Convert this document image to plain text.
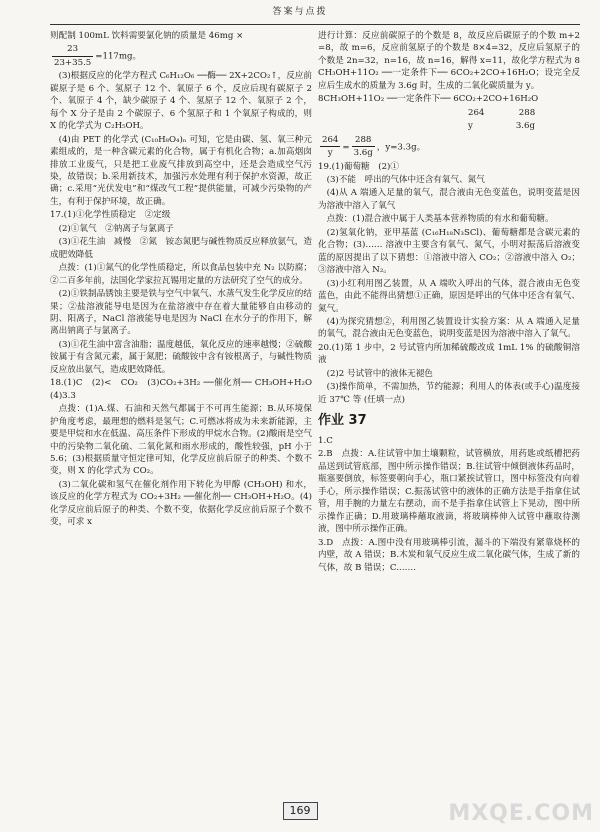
答案与点拨

则配制 100mL 饮料需要氯化钠的质量是 46mg ×

$\frac{23}{23+35.5} =117mg$。

(3)根据反应的化学方程式 C₆H₁₂O₆ ──酶── 2X+2CO₂↑，反应前碳原子是 6 个、氢原子 12 个、氧原子 6 个，反应后现有碳原子 2 个、氧原子 4 个，缺少碳原子 4 个、氢原子 12 个、氧原子 2 个，每个 X 分子是由 2 个碳原子、6 个氢原子和 1 个氧原子构成的，则 X 的化学式为 C₂H₅OH。

(4)由 PET 的化学式 (C₁₀H₈O₄)ₙ 可知，它是由碳、氢、氧三种元素组成的，是一种含碳元素的化合物，属于有机化合物；a.加高烟囱排放工业废气，只是把工业废气排放到高空中，还是会造成空气污染，故错误；b.采用新技术，加强污水处理有利于保护水资源，故正确；c.采用“光伏发电”和“煤改气工程”提供能量，可减少污染物的产生，有利于保护环境，故正确。

17.(1)①化学性质稳定　②定级

(2)①氧气　②钠离子与氯离子

(3)①花生油　减慢　②氮　铵态氮肥与碱性物质反应释放氨气，造成肥效降低

点拨：(1)①氮气的化学性质稳定，所以食品包装中充 N₂ 以防腐；②二百多年前，法国化学家拉瓦锡用定量的方法研究了空气的成分。

(2)①铁制品锈蚀主要是铁与空气中氧气、水蒸气发生化学反应的结果；②盐溶液能导电是因为在盐溶液中存在着大量能够自由移动的阴、阳离子，NaCl 溶液能导电是因为 NaCl 在水分子的作用下，解离出钠离子与氯离子。

(3)①花生油中富含油脂；温度越低，氧化反应的速率越慢；②硫酸铵属于有含氮元素，属于氮肥；硫酸铵中含有铵根离子，与碱性物质反应放出氨气，造成肥效降低。

18.(1)C　(2)<　CO₂　(3)CO₂+3H₂ ──催化剂── CH₃OH+H₂O　(4)3.3

点拨：(1)A.煤、石油和天然气都属于不可再生能源；B.从环境保护角度考虑，最理想的燃料是氢气；C.可燃冰将成为未来新能源，主要是甲烷和水在低温、高压条件下形成的甲烷水合物。(2)酸雨是空气中的污染物二氧化硫、二氧化氮和雨水形成的，酸性较强，pH 小于 5.6；(3)根据质量守恒定律可知，化学反应前后原子的种类、个数不变，则 X 的化学式为 CO₂。

(3)二氧化碳和氢气在催化剂作用下转化为甲醇 (CH₃OH) 和水，该反应的化学方程式为 CO₂+3H₂ ──催化剂── CH₃OH+H₂O。(4)化学反应前后原子的种类、个数不变，依据化学反应前后原子个数不变，可求 x

进行计算：反应前碳原子的个数是 8，故反应后碳原子的个数 m+2=8，故 m=6，反应前氢原子的个数是 8×4=32，反应后氢原子的个数是 2n=32，n=16，故 n=16，解得 x=11，故化学方程式为 8CH₃OH+11O₂ ──一定条件下── 6CO₂+2CO+16H₂O；设完全反应后生成水的质量为 3.6g 时，生成的二氧化碳质量为 y。

8CH₃OH+11O₂ ──一定条件下── 6CO₂+2CO+16H₂O

264　　　　288

y　　　　　3.6g

$\frac{264}{y} = \frac{288}{3.6g}$ ，y=3.3g。

19.(1)葡萄糖　(2)①

(3)不能　呼出的气体中还含有氧气、氮气

(4)从 A 端通入足量的氧气，混合液由无色变蓝色，说明变蓝是因为溶液中溶入了氧气

点拨：(1)混合液中属于人类基本营养物质的有水和葡萄糖。

(2)氢氧化钠，亚甲基蓝 (C₁₆H₁₈N₃SCl)、葡萄糖都是含碳元素的化合物；(3)…… 溶液中主要含有氧气、氮气，小明对振荡后溶液变蓝的原因提出了以下猜想：①溶液中溶入 CO₂；②溶液中溶入 O₂；③溶液中溶入 N₂。

(3)小红利用图乙装置，从 A 端吹入呼出的气体，混合液由无色变蓝色，由此不能得出猜想①正确，原因是呼出的气体中还含有氧气、氮气。

(4)为探究猜想②，利用图乙装置设计实验方案：从 A 端通入足量的氧气，混合液由无色变蓝色，说明变蓝是因为溶液中溶入了氧气。

20.(1)第 1 步中，2 号试管内所加稀硫酸改成 1mL 1% 的硫酸铜溶液

(2)2 号试管中的液体无褪色

(3)操作简单，不需加热，节约能源；利用人的体表(或手心)温度接近 37℃ 等 (任填一点)

作业 37

1.C

2.B　点拨：A.往试管中加土壤颗粒，试管横放，用药匙或纸槽把药品送到试管底部，图中所示操作错误；B.往试管中倾倒液体药品时，瓶塞要倒放，标签要朝向手心，瓶口紧挨试管口，图中标签没有向着手心，所示操作错误；C.振荡试管中的液体的正确方法是手指拿住试管，用手腕的力量左右摆动，而不是手指拿住试管上下晃动，图中所示操作正确；D.用玻璃棒蘸取液滴，将玻璃棒伸入试管中蘸取待测液，图中所示操作正确。

3.D　点拨：A.图中没有用玻璃棒引流，漏斗的下端没有紧靠烧杯的内壁，故 A 错误；B.木炭和氧气反应生成二氧化碳气体，生成了新的气体，故 B 错误；C.……

169	MXQE.COM
